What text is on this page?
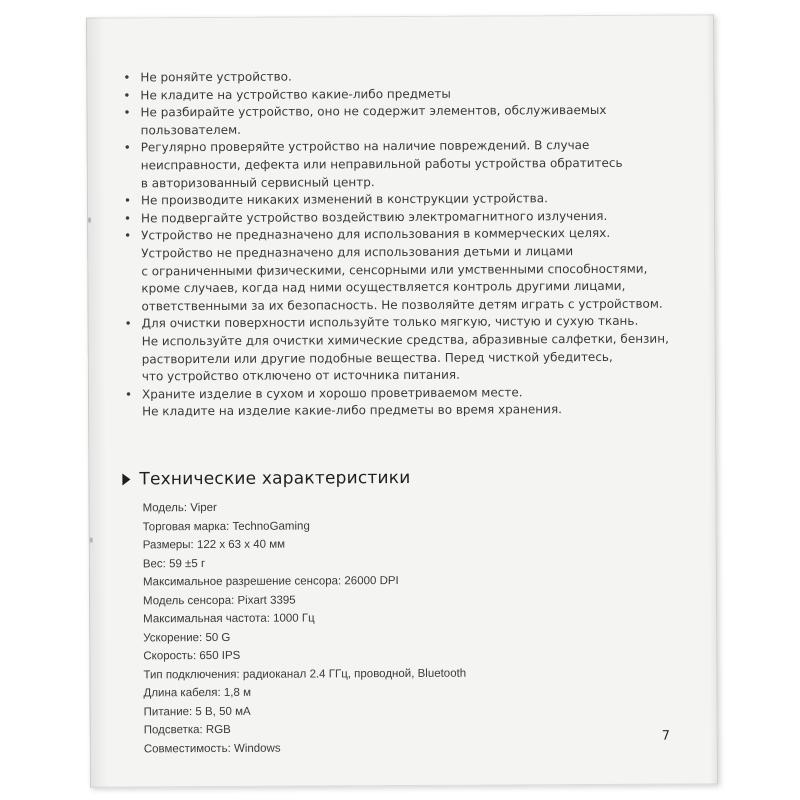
• Не роняйте устройство.
• Не кладите на устройство какие-либо предметы
• Не разбирайте устройство, оно не содержит элементов, обслуживаемых
пользователем.
• Регулярно проверяйте устройство на наличие повреждений. В случае
неисправности, дефекта или неправильной работы устройства обратитесь
в авторизованный сервисный центр.
• Не производите никаких изменений в конструкции устройства.
• Не подвергайте устройство воздействию электромагнитного излучения.
• Устройство не предназначено для использования в коммерческих целях.
Устройство не предназначено для использования детьми и лицами
с ограниченными физическими, сенсорными или умственными способностями,
кроме случаев, когда над ними осуществляется контроль другими лицами,
ответственными за их безопасность. Не позволяйте детям играть с устройством.
• Для очистки поверхности используйте только мягкую, чистую и сухую ткань.
Не используйте для очистки химические средства, абразивные салфетки, бензин,
растворители или другие подобные вещества. Перед чисткой убедитесь,
что устройство отключено от источника питания.
• Храните изделие в сухом и хорошо проветриваемом месте.
Не кладите на изделие какие-либо предметы во время хранения.
Технические характеристики
Модель: Viper
Торговая марка: TechnoGaming
Размеры: 122 х 63 х 40 мм
Вес: 59 ±5 г
Максимальное разрешение сенсора: 26000 DPI
Модель сенсора: Pixart 3395
Максимальная частота: 1000 Гц
Ускорение: 50 G
Скорость: 650 IPS
Тип подключения: радиоканал 2.4 ГГц, проводной, Bluetooth
Длина кабеля: 1,8 м
Питание: 5 В, 50 мА
Подсветка: RGB
Совместимость: Windows
7
